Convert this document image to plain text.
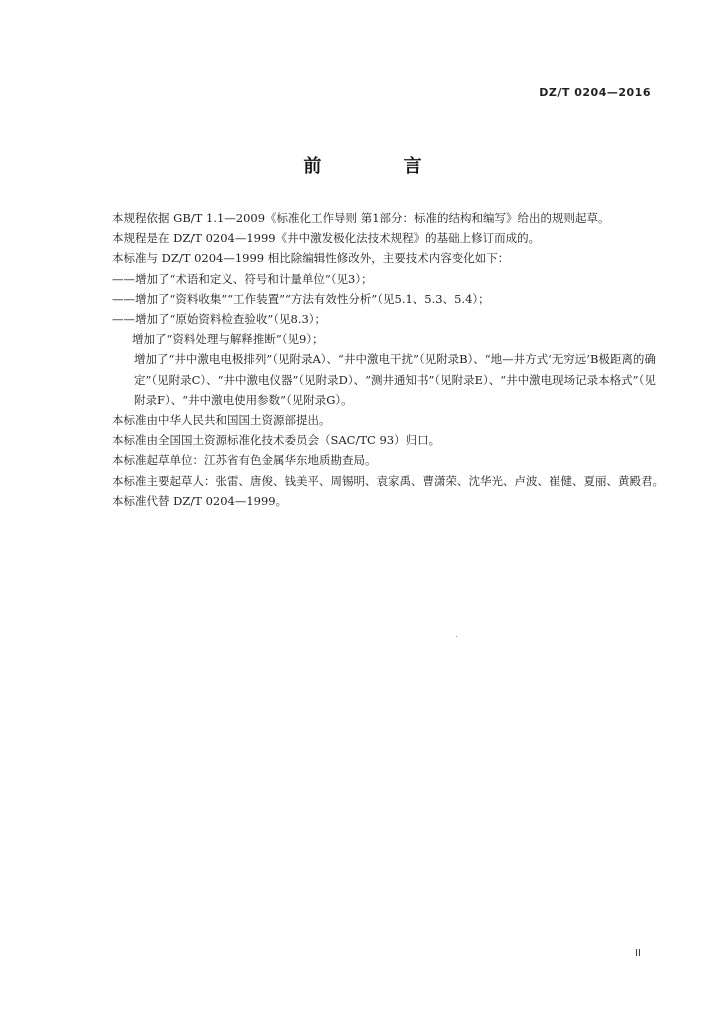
DZ/T 0204—2016
前 言

本规程依据 GB/T 1.1—2009《标准化工作导则 第1部分：标准的结构和编写》给出的规则起草。

本规程是在 DZ/T 0204—1999《井中激发极化法技术规程》的基础上修订而成的。

本标准与 DZ/T 0204—1999 相比除编辑性修改外，主要技术内容变化如下：

——增加了“术语和定义、符号和计量单位”（见3）；

——增加了“资料收集”“工作装置”“方法有效性分析”（见5.1、5.3、5.4）；

——增加了“原始资料检查验收”（见8.3）；

增加了“资料处理与解释推断”（见9）；

增加了“井中激电电极排列”（见附录A）、“井中激电干扰”（见附录B）、“地—井方式‘无穷远’B极距离的确定”（见附录C）、“井中激电仪器”（见附录D）、“测井通知书”（见附录E）、“井中激电现场记录本格式”（见附录F）、“井中激电使用参数”（见附录G）。

本标准由中华人民共和国国土资源部提出。

本标准由全国国土资源标准化技术委员会（SAC/TC 93）归口。

本标准起草单位：江苏省有色金属华东地质勘查局。

本标准主要起草人：张雷、唐俊、钱美平、周锡明、袁家禹、曹潇荣、沈华光、卢波、崔健、夏丽、黄殿君。

本标准代替 DZ/T 0204—1999。

II
